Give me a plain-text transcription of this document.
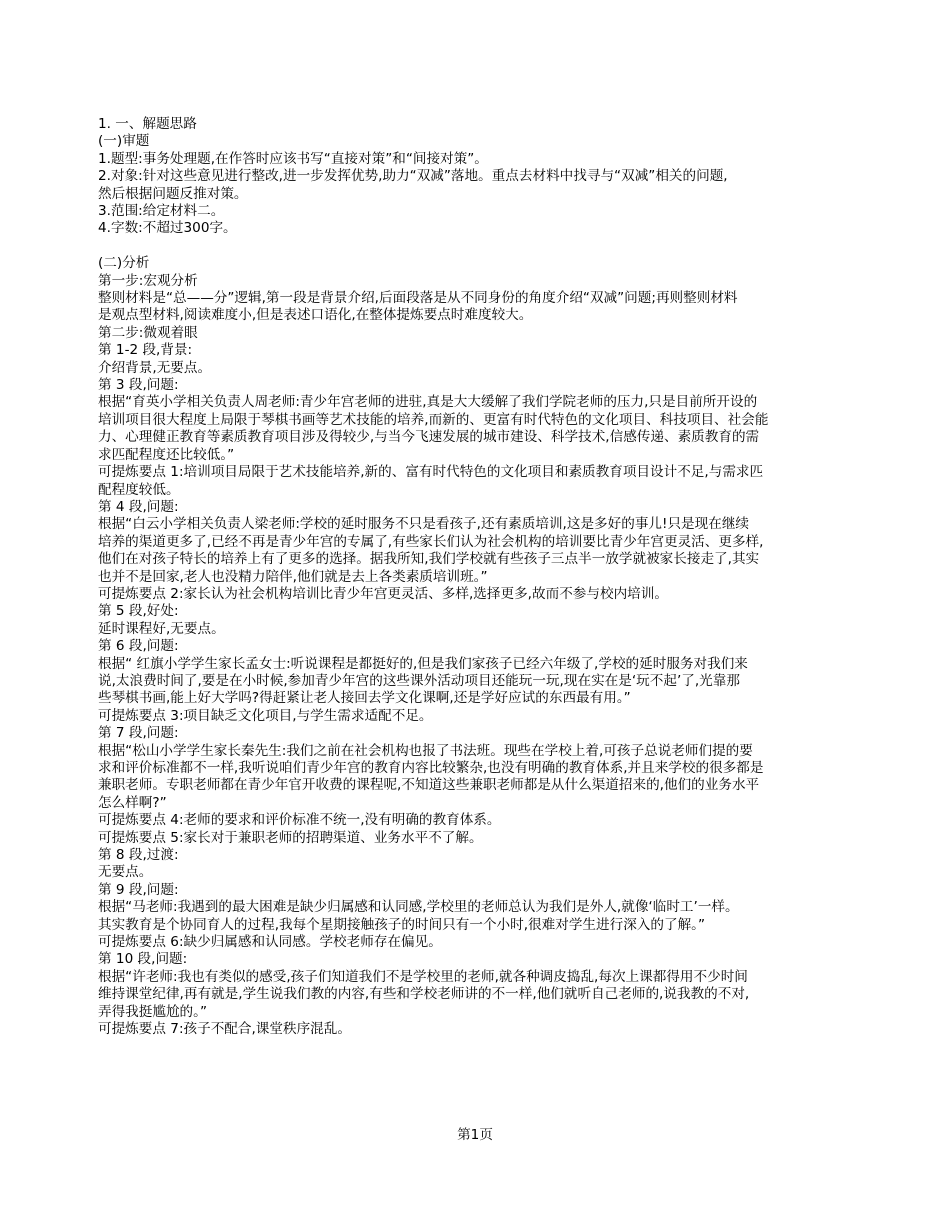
1. 一、解题思路
(一)审题
1.题型:事务处理题,在作答时应该书写“直接对策”和“间接对策”。
2.对象:针对这些意见进行整改,进一步发挥优势,助力“双减”落地。重点去材料中找寻与“双减”相关的问题,
然后根据问题反推对策。
3.范围:给定材料二。
4.字数:不超过300字。
(二)分析
第一步:宏观分析
整则材料是“总——分”逻辑,第一段是背景介绍,后面段落是从不同身份的角度介绍“双减”问题;再则整则材料
是观点型材料,阅读难度小,但是表述口语化,在整体提炼要点时难度较大。
第二步:微观着眼
第 1-2 段,背景:
介绍背景,无要点。
第 3 段,问题:
根据“育英小学相关负责人周老师:青少年宫老师的进驻,真是大大缓解了我们学院老师的压力,只是目前所开设的
培训项目很大程度上局限于琴棋书画等艺术技能的培养,而新的、更富有时代特色的文化项目、科技项目、社会能
力、心理健正教育等素质教育项目涉及得较少,与当今飞速发展的城市建设、科学技术,信感传递、素质教育的需
求匹配程度还比较低。”
可提炼要点 1:培训项目局限于艺术技能培养,新的、富有时代特色的文化项目和素质教育项目设计不足,与需求匹
配程度较低。
第 4 段,问题:
根据“白云小学相关负责人梁老师:学校的延时服务不只是看孩子,还有素质培训,这是多好的事儿!只是现在继续
培养的渠道更多了,已经不再是青少年宫的专属了,有些家长们认为社会机构的培训要比青少年宫更灵活、更多样,
他们在对孩子特长的培养上有了更多的选择。据我所知,我们学校就有些孩子三点半一放学就被家长接走了,其实
也并不是回家,老人也没精力陪伴,他们就是去上各类素质培训班。”
可提炼要点 2:家长认为社会机构培训比青少年宫更灵活、多样,选择更多,故而不参与校内培训。
第 5 段,好处:
延时课程好,无要点。
第 6 段,问题:
根据“ 红旗小学学生家长孟女士:听说课程是都挺好的,但是我们家孩子已经六年级了,学校的延时服务对我们来
说,太浪费时间了,要是在小时候,参加青少年宫的这些课外活动项目还能玩一玩,现在实在是‘玩不起’了,光靠那
些琴棋书画,能上好大学吗?得赶紧让老人接回去学文化课啊,还是学好应试的东西最有用。”
可提炼要点 3:项目缺乏文化项目,与学生需求适配不足。
第 7 段,问题:
根据“松山小学学生家长秦先生:我们之前在社会机构也报了书法班。现些在学校上着,可孩子总说老师们提的要
求和评价标准都不一样,我听说咱们青少年宫的教育内容比较繁杂,也没有明确的教育体系,并且来学校的很多都是
兼职老师。专职老师都在青少年官开收费的课程呢,不知道这些兼职老师都是从什么渠道招来的,他们的业务水平
怎么样啊?”
可提炼要点 4:老师的要求和评价标准不统一,没有明确的教育体系。
可提炼要点 5:家长对于兼职老师的招聘渠道、业务水平不了解。
第 8 段,过渡:
无要点。
第 9 段,问题:
根据“马老师:我遇到的最大困难是缺少归属感和认同感,学校里的老师总认为我们是外人,就像‘临时工’一样。
其实教育是个协同育人的过程,我每个星期接触孩子的时间只有一个小时,很难对学生进行深入的了解。”
可提炼要点 6:缺少归属感和认同感。学校老师存在偏见。
第 10 段,问题:
根据“许老师:我也有类似的感受,孩子们知道我们不是学校里的老师,就各种调皮捣乱,每次上课都得用不少时间
维持课堂纪律,再有就是,学生说我们教的内容,有些和学校老师讲的不一样,他们就听自己老师的,说我教的不对,
弄得我挺尴尬的。”
可提炼要点 7:孩子不配合,课堂秩序混乱。
第1页
